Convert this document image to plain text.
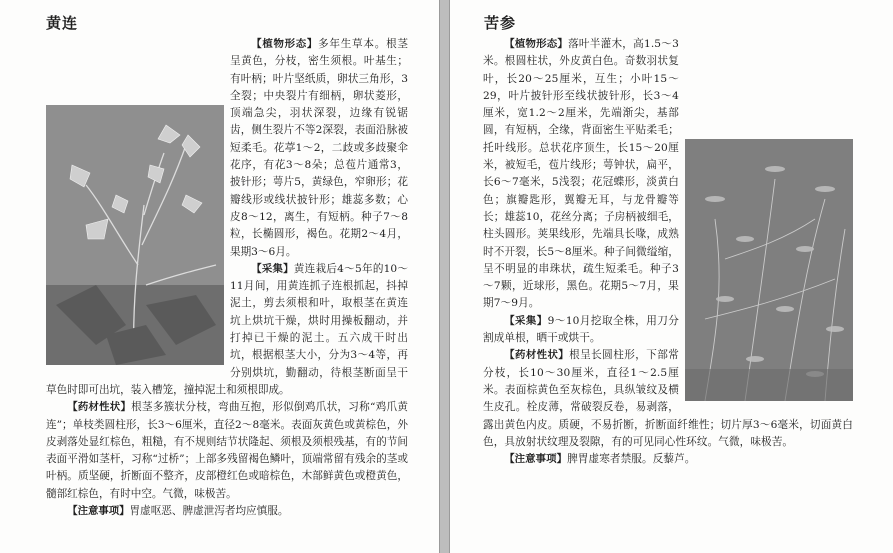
黄连	苦参

【植物形态】多年生草本。根茎呈黄色，分枝，密生须根。叶基生；有叶柄；叶片坚纸质，卵状三角形，3全裂；中央裂片有细柄，卵状菱形，顶端急尖，羽状深裂，边缘有锐锯齿，侧生裂片不等2深裂，表面沿脉被短柔毛。花葶1～2，二歧或多歧聚伞花序，有花3～8朵；总苞片通常3，披针形；萼片5，黄绿色，窄卵形；花瓣线形或线状披针形；雄蕊多数；心皮8～12，离生，有短柄。种子7～8粒，长椭圆形，褐色。花期2～4月，果期3～6月。

【采集】黄连栽后4～5年的10～11月间，用黄连抓子连根抓起，抖掉泥土，剪去须根和叶，取根茎在黄连坑上烘坑干燥，烘时用操板翻动，并打掉已干燥的泥土。五六成干时出坑，根据根茎大小，分为3～4等，再分别烘坑，勤翻动，待根茎断面呈干草色时即可出坑，装入槽笼，撞掉泥土和须根即成。

【药材性状】根茎多簇状分枝，弯曲互抱，形似倒鸡爪状，习称“鸡爪黄连”；单枝类圆柱形，长3～6厘米，直径2～8毫米。表面灰黄色或黄棕色，外皮剥落处显红棕色，粗糙，有不规则结节状隆起、须根及须根残基，有的节间表面平滑如茎杆，习称“过桥”；上部多残留褐色鳞叶，顶端常留有残余的茎或叶柄。质坚硬，折断面不整齐，皮部橙红色或暗棕色，木部鲜黄色或橙黄色，髓部红棕色，有时中空。气微，味极苦。

【注意事项】胃虚呕恶、脾虚泄泻者均应慎服。

【植物形态】落叶半灌木，高1.5～3米。根圆柱状，外皮黄白色。奇数羽状复叶，长20～25厘米，互生；小叶15～29，叶片披针形至线状披针形，长3～4厘米，宽1.2～2厘米，先端渐尖，基部圆，有短柄，全缘，背面密生平贴柔毛；托叶线形。总状花序顶生，长15～20厘米，被短毛，苞片线形；萼钟状，扁平，长6～7毫米，5浅裂；花冠蝶形，淡黄白色；旗瓣匙形，翼瓣无耳，与龙骨瓣等长；雄蕊10，花丝分离；子房柄被细毛，柱头圆形。荚果线形，先端具长喙，成熟时不开裂，长5～8厘米。种子间微缢缩，呈不明显的串珠状，疏生短柔毛。种子3～7颗，近球形，黑色。花期5～7月，果期7～9月。

【采集】9～10月挖取全株，用刀分割成单根，晒干或烘干。

【药材性状】根呈长圆柱形，下部常分枝，长10～30厘米，直径1～2.5厘米。表面棕黄色至灰棕色，具纵皱纹及横生皮孔。栓皮薄，常破裂反卷，易剥落，露出黄色内皮。质硬，不易折断，折断面纤维性；切片厚3～6毫米，切面黄白色，具放射状纹理及裂隙，有的可见同心性环纹。气微，味极苦。

【注意事项】脾胃虚寒者禁服。反藜芦。
